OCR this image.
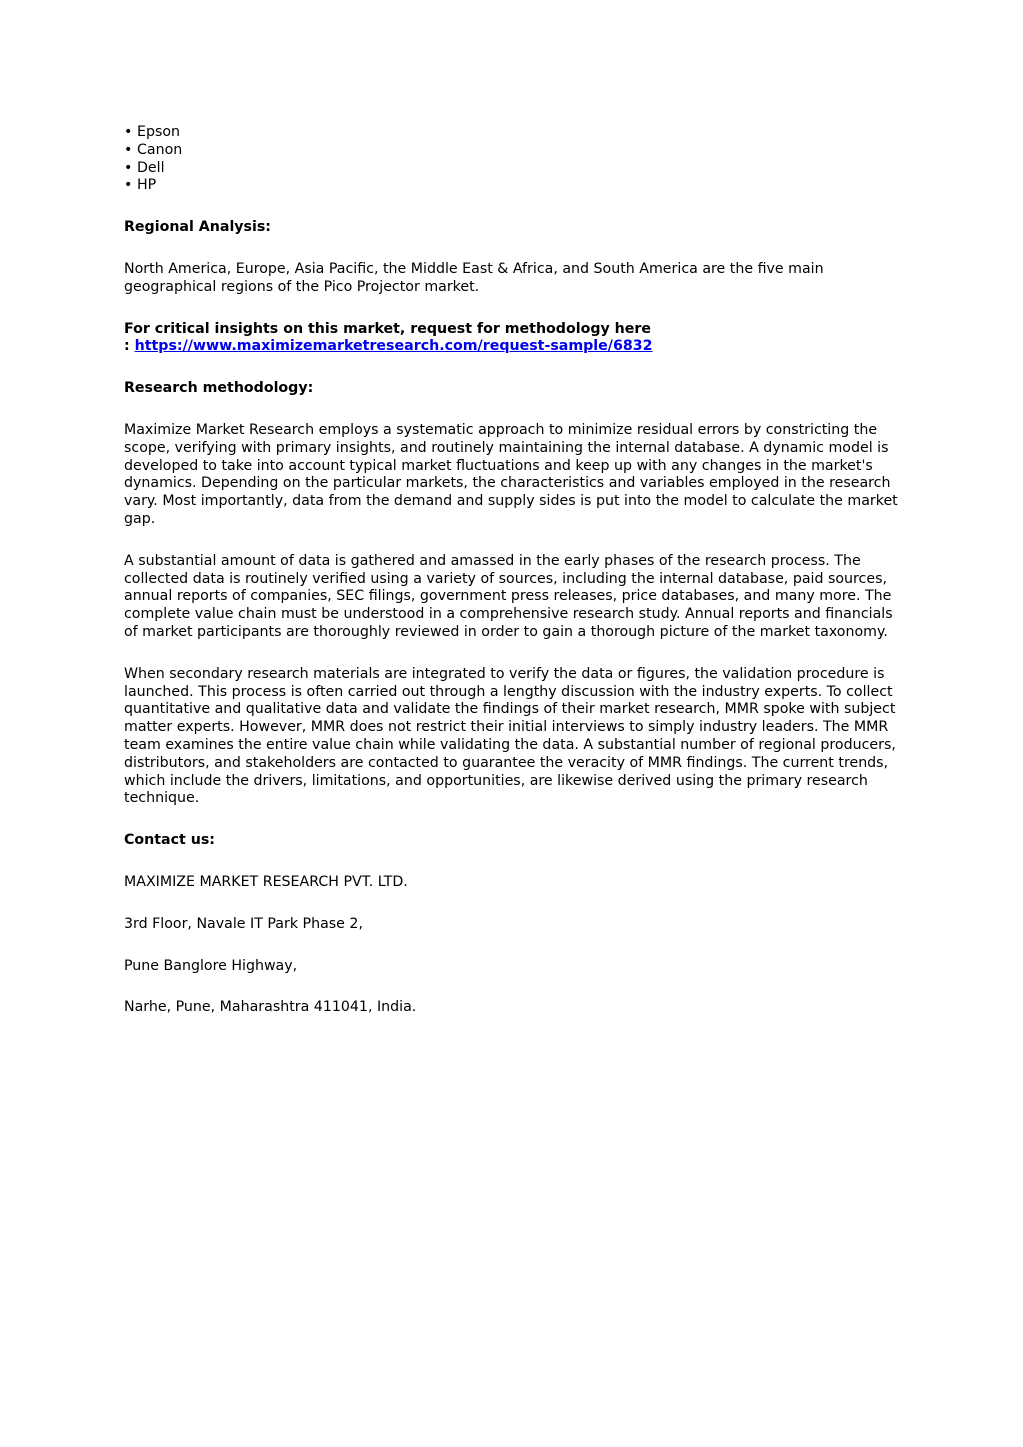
• Epson
• Canon
• Dell
• HP

Regional Analysis:

North America, Europe, Asia Pacific, the Middle East & Africa, and South America are the five main geographical regions of the Pico Projector market.

For critical insights on this market, request for methodology here
: https://www.maximizemarketresearch.com/request-sample/6832

Research methodology:

Maximize Market Research employs a systematic approach to minimize residual errors by constricting the scope, verifying with primary insights, and routinely maintaining the internal database. A dynamic model is developed to take into account typical market fluctuations and keep up with any changes in the market's dynamics. Depending on the particular markets, the characteristics and variables employed in the research vary. Most importantly, data from the demand and supply sides is put into the model to calculate the market gap.

A substantial amount of data is gathered and amassed in the early phases of the research process. The collected data is routinely verified using a variety of sources, including the internal database, paid sources, annual reports of companies, SEC filings, government press releases, price databases, and many more. The complete value chain must be understood in a comprehensive research study. Annual reports and financials of market participants are thoroughly reviewed in order to gain a thorough picture of the market taxonomy.

When secondary research materials are integrated to verify the data or figures, the validation procedure is launched. This process is often carried out through a lengthy discussion with the industry experts. To collect quantitative and qualitative data and validate the findings of their market research, MMR spoke with subject matter experts. However, MMR does not restrict their initial interviews to simply industry leaders. The MMR team examines the entire value chain while validating the data. A substantial number of regional producers, distributors, and stakeholders are contacted to guarantee the veracity of MMR findings. The current trends, which include the drivers, limitations, and opportunities, are likewise derived using the primary research technique.

Contact us:

MAXIMIZE MARKET RESEARCH PVT. LTD.

3rd Floor, Navale IT Park Phase 2,

Pune Banglore Highway,

Narhe, Pune, Maharashtra 411041, India.
